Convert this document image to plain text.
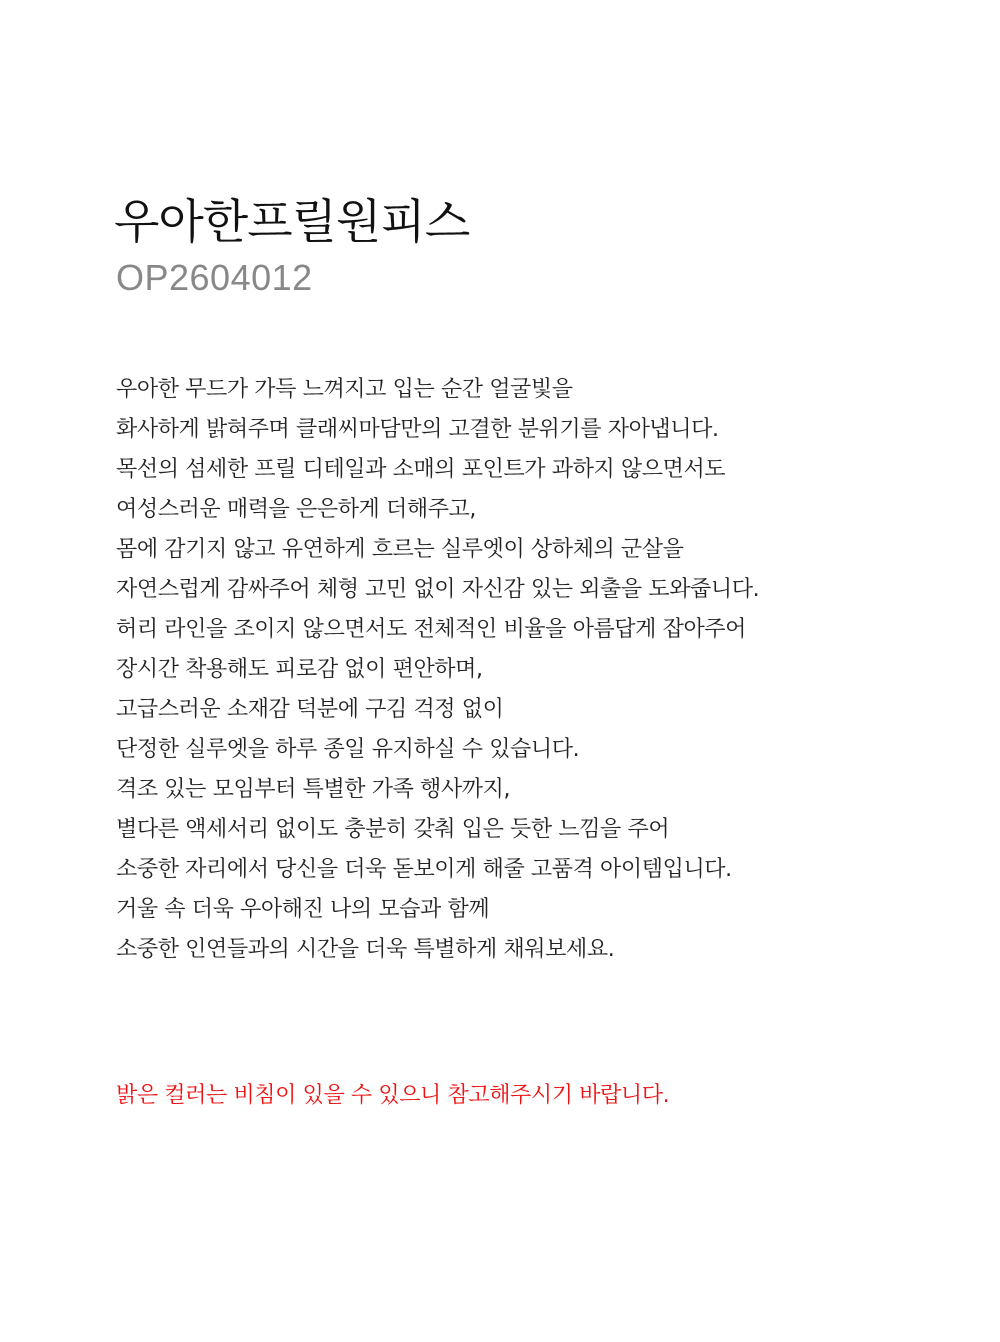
우아한프릴원피스

OP2604012

우아한 무드가 가득 느껴지고 입는 순간 얼굴빛을
화사하게 밝혀주며 클래씨마담만의 고결한 분위기를 자아냅니다.
목선의 섬세한 프릴 디테일과 소매의 포인트가 과하지 않으면서도
여성스러운 매력을 은은하게 더해주고,
몸에 감기지 않고 유연하게 흐르는 실루엣이 상하체의 군살을
자연스럽게 감싸주어 체형 고민 없이 자신감 있는 외출을 도와줍니다.
허리 라인을 조이지 않으면서도 전체적인 비율을 아름답게 잡아주어
장시간 착용해도 피로감 없이 편안하며,
고급스러운 소재감 덕분에 구김 걱정 없이
단정한 실루엣을 하루 종일 유지하실 수 있습니다.
격조 있는 모임부터 특별한 가족 행사까지,
별다른 액세서리 없이도 충분히 갖춰 입은 듯한 느낌을 주어
소중한 자리에서 당신을 더욱 돋보이게 해줄 고품격 아이템입니다.
거울 속 더욱 우아해진 나의 모습과 함께
소중한 인연들과의 시간을 더욱 특별하게 채워보세요.

밝은 컬러는 비침이 있을 수 있으니 참고해주시기 바랍니다.
